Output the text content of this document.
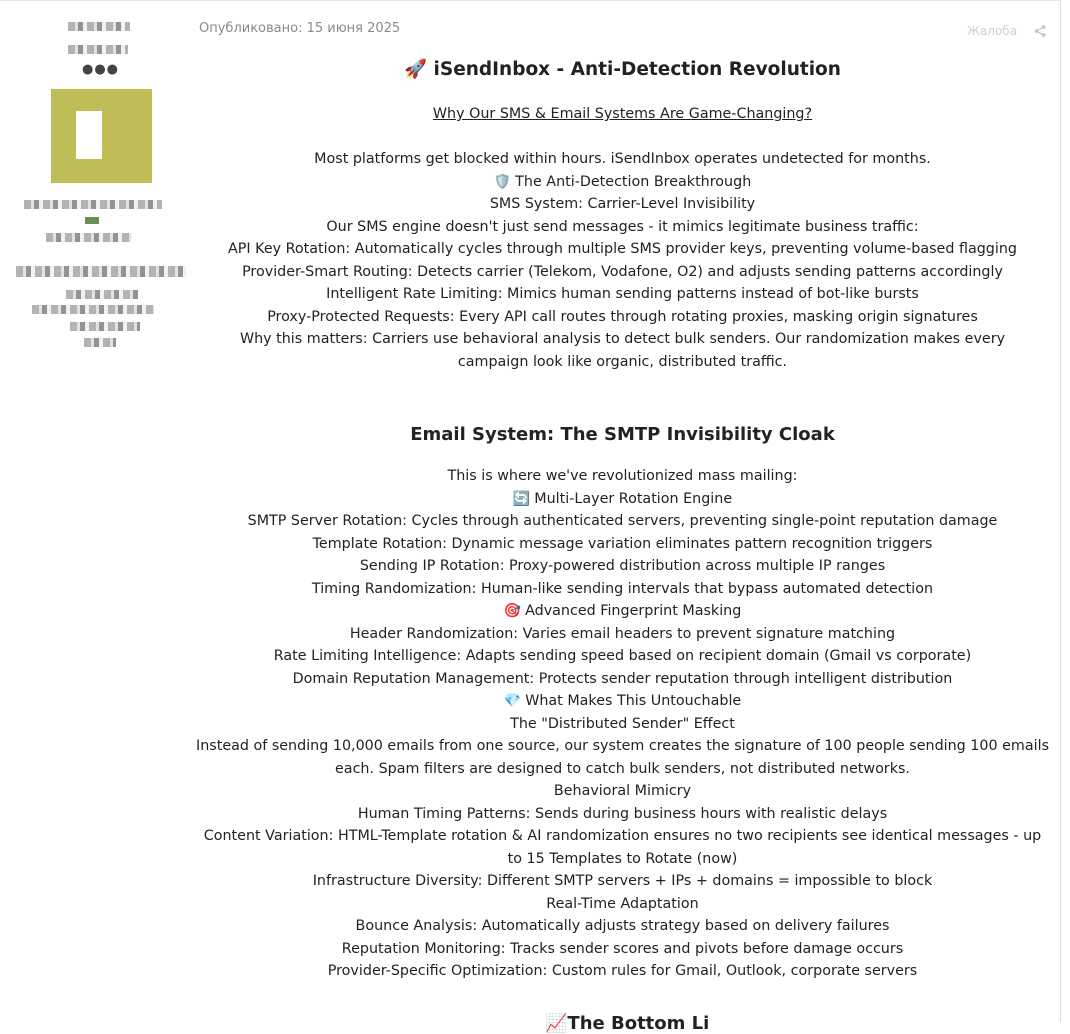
●●●
Опубликовано: 15 июня 2025	Жалоба

🚀 iSendInbox - Anti-Detection Revolution

Why Our SMS & Email Systems Are Game-Changing?

Most platforms get blocked within hours. iSendInbox operates undetected for months.

🛡️ The Anti-Detection Breakthrough

SMS System: Carrier-Level Invisibility

Our SMS engine doesn't just send messages - it mimics legitimate business traffic:

API Key Rotation: Automatically cycles through multiple SMS provider keys, preventing volume-based flagging

Provider-Smart Routing: Detects carrier (Telekom, Vodafone, O2) and adjusts sending patterns accordingly

Intelligent Rate Limiting: Mimics human sending patterns instead of bot-like bursts

Proxy-Protected Requests: Every API call routes through rotating proxies, masking origin signatures

Why this matters: Carriers use behavioral analysis to detect bulk senders. Our randomization makes every campaign look like organic, distributed traffic.

Email System: The SMTP Invisibility Cloak

This is where we've revolutionized mass mailing:

🔄 Multi-Layer Rotation Engine

SMTP Server Rotation: Cycles through authenticated servers, preventing single-point reputation damage

Template Rotation: Dynamic message variation eliminates pattern recognition triggers

Sending IP Rotation: Proxy-powered distribution across multiple IP ranges

Timing Randomization: Human-like sending intervals that bypass automated detection

🎯 Advanced Fingerprint Masking

Header Randomization: Varies email headers to prevent signature matching

Rate Limiting Intelligence: Adapts sending speed based on recipient domain (Gmail vs corporate)

Domain Reputation Management: Protects sender reputation through intelligent distribution

💎 What Makes This Untouchable

The "Distributed Sender" Effect

Instead of sending 10,000 emails from one source, our system creates the signature of 100 people sending 100 emails each. Spam filters are designed to catch bulk senders, not distributed networks.

Behavioral Mimicry

Human Timing Patterns: Sends during business hours with realistic delays

Content Variation: HTML-Template rotation & AI randomization ensures no two recipients see identical messages - up to 15 Templates to Rotate (now)

Infrastructure Diversity: Different SMTP servers + IPs + domains = impossible to block

Real-Time Adaptation

Bounce Analysis: Automatically adjusts strategy based on delivery failures

Reputation Monitoring: Tracks sender scores and pivots before damage occurs

Provider-Specific Optimization: Custom rules for Gmail, Outlook, corporate servers

📈The Bottom Li
